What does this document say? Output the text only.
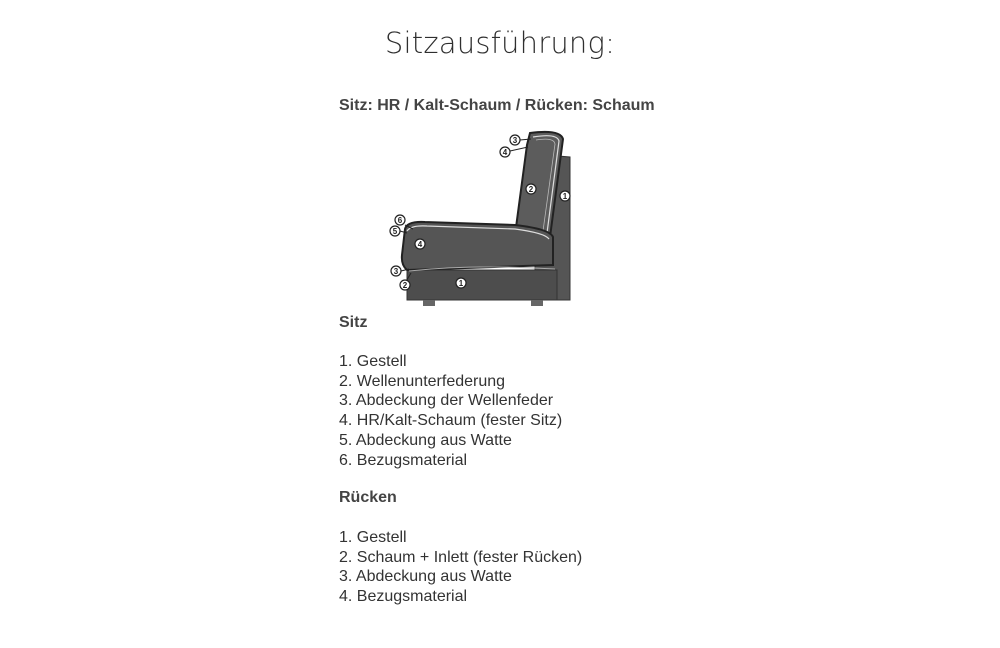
Sitzausführung:
Sitz: HR / Kalt-Schaum / Rücken: Schaum
6
5
4
3
2	1
3
4
2
1
Sitz
1. Gestell
2. Wellenunterfederung
3. Abdeckung der Wellenfeder
4. HR/Kalt-Schaum (fester Sitz)
5. Abdeckung aus Watte
6. Bezugsmaterial
Rücken
1. Gestell
2. Schaum + Inlett (fester Rücken)
3. Abdeckung aus Watte
4. Bezugsmaterial
